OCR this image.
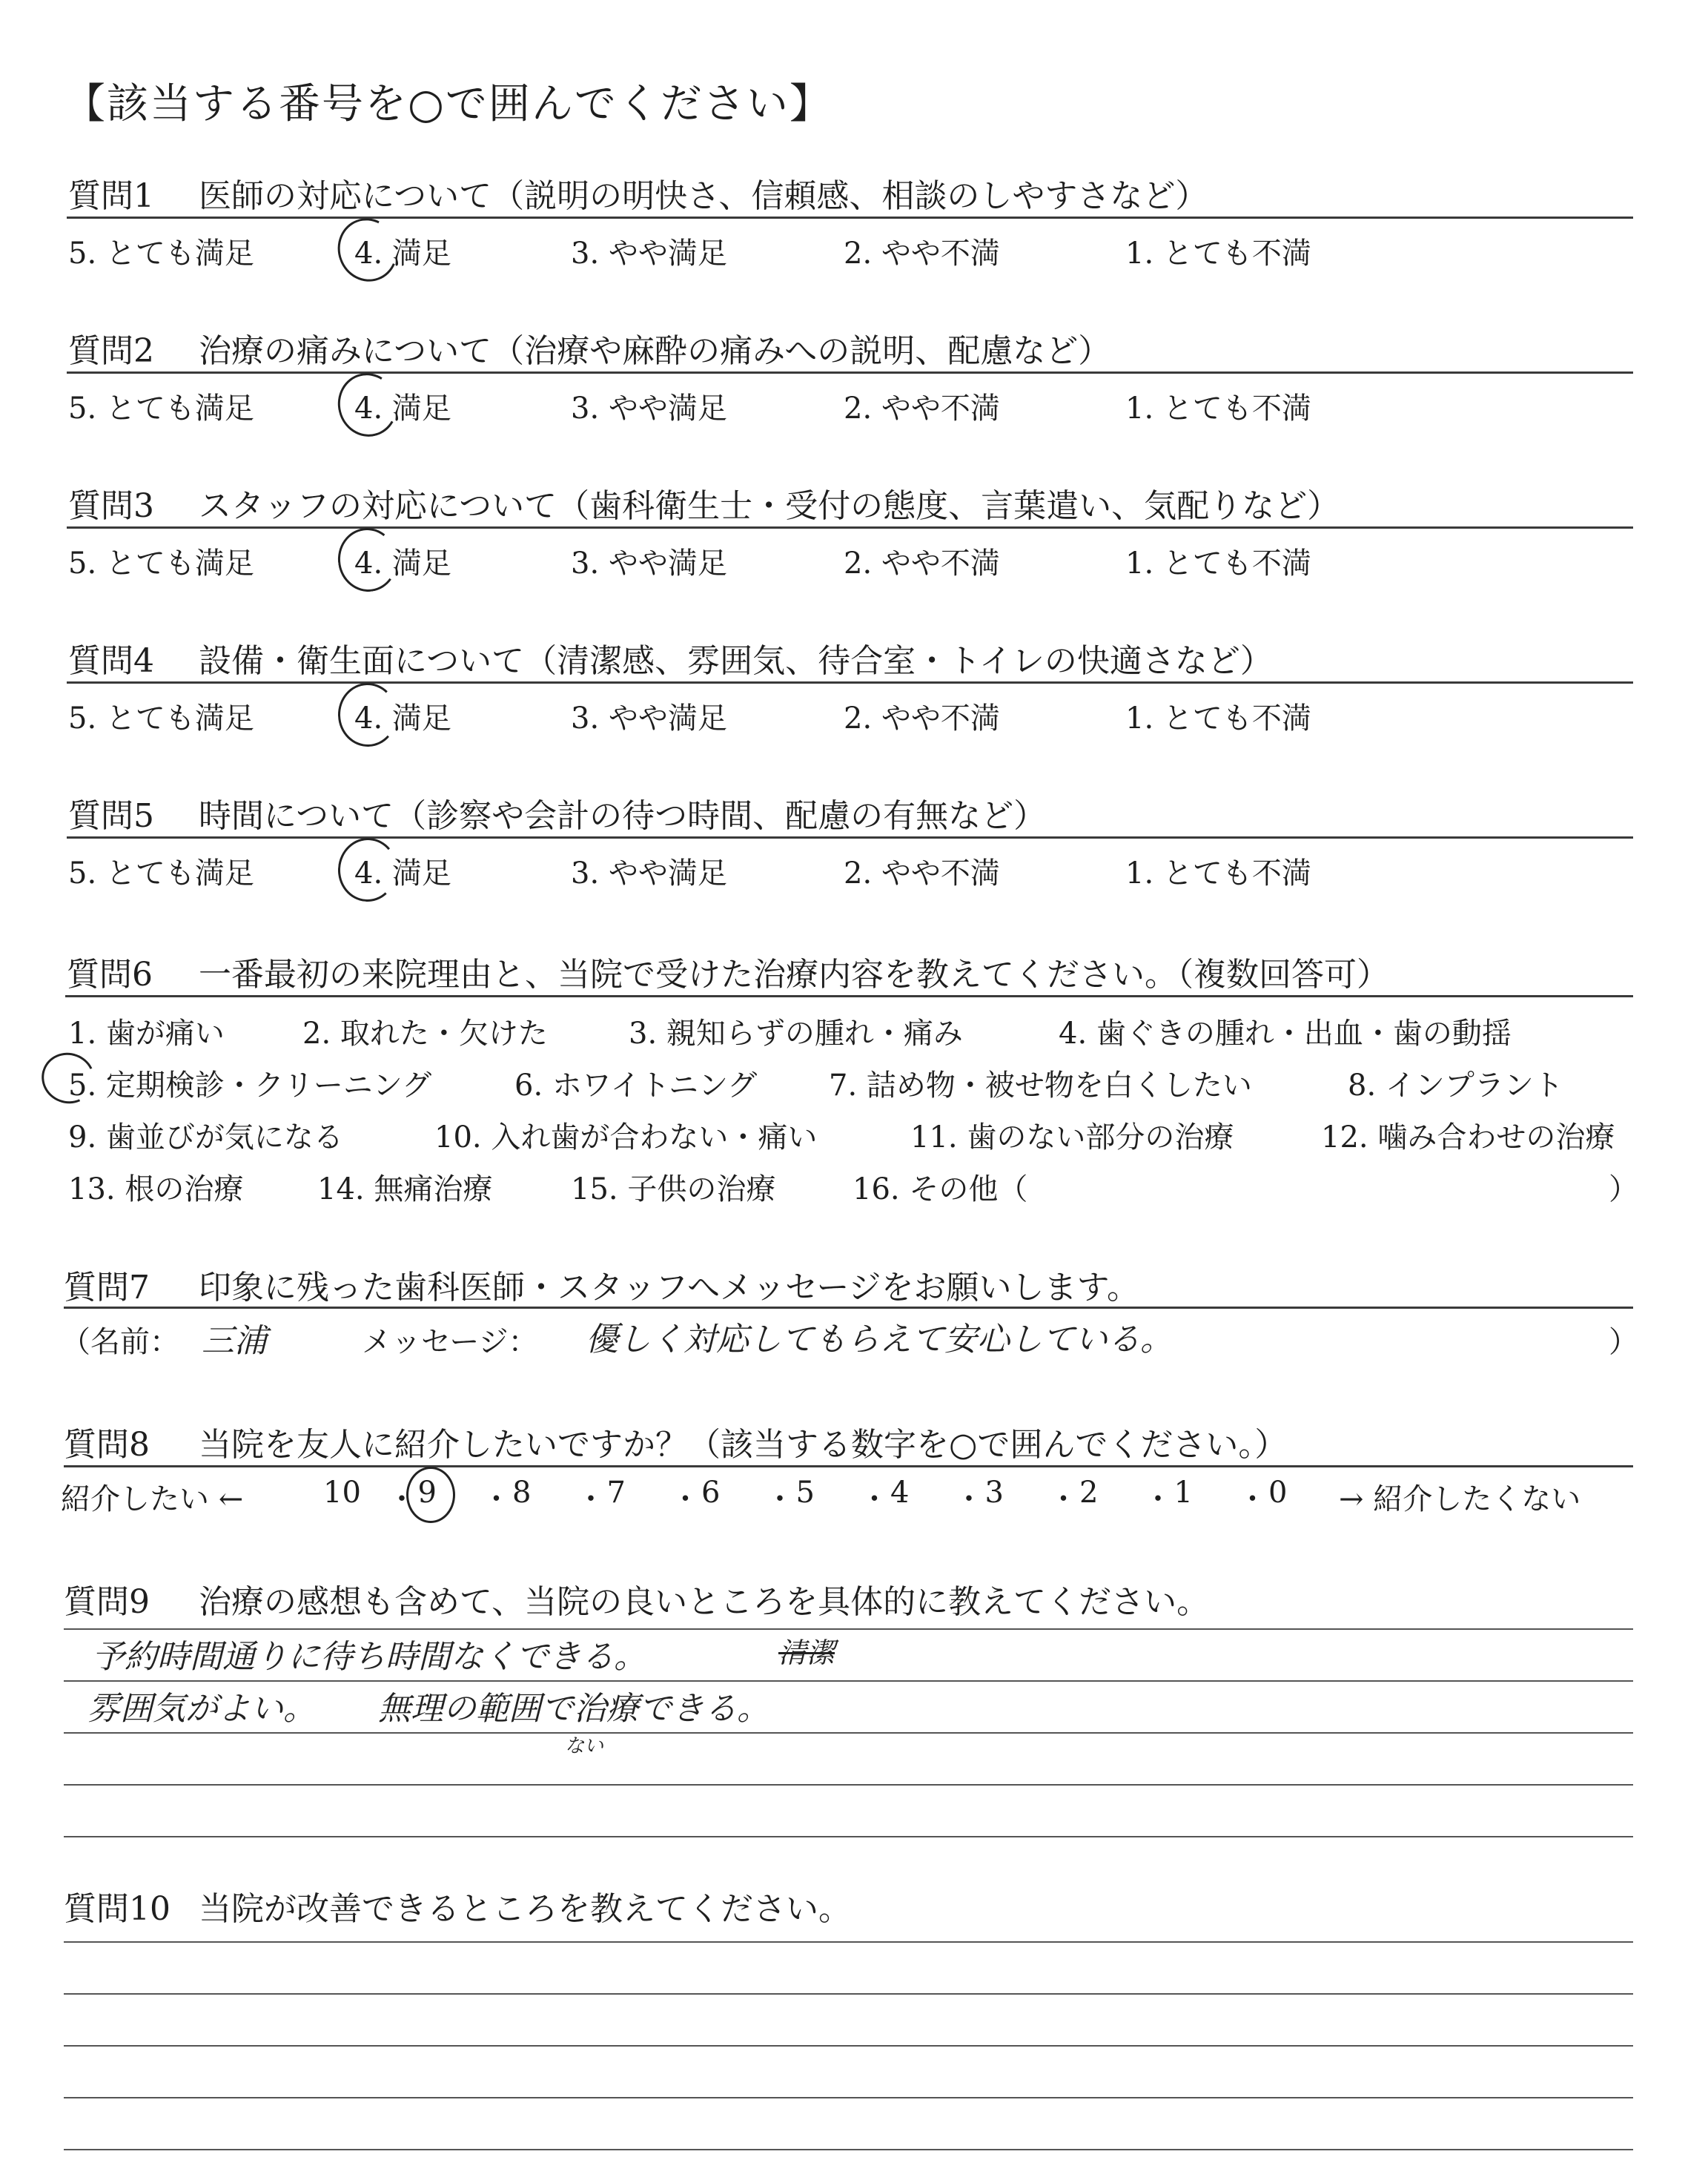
【該当する番号を○で囲んでください】
質問1 医師の対応について（説明の明快さ、信頼感、相談のしやすさなど）
5. とても満足	4. 満足	3. やや満足	2. やや不満	1. とても不満
質問2 治療の痛みについて（治療や麻酔の痛みへの説明、配慮など）
5. とても満足	4. 満足	3. やや満足	2. やや不満	1. とても不満
質問3 スタッフの対応について（歯科衛生士・受付の態度、言葉遣い、気配りなど）
5. とても満足	4. 満足	3. やや満足	2. やや不満	1. とても不満
質問4 設備・衛生面について（清潔感、雰囲気、待合室・トイレの快適さなど）
5. とても満足	4. 満足	3. やや満足	2. やや不満	1. とても不満
質問5 時間について（診察や会計の待つ時間、配慮の有無など）
5. とても満足	4. 満足	3. やや満足	2. やや不満	1. とても不満
質問6 一番最初の来院理由と、当院で受けた治療内容を教えてください。（複数回答可）
1. 歯が痛い	2. 取れた・欠けた	3. 親知らずの腫れ・痛み	4. 歯ぐきの腫れ・出血・歯の動揺
5. 定期検診・クリーニング	6. ホワイトニング 7. 詰め物・被せ物を白くしたい	8. インプラント
9. 歯並びが気になる	10. 入れ歯が合わない・痛い	11. 歯のない部分の治療	12. 噛み合わせの治療
13. 根の治療 14. 無痛治療	15. 子供の治療	16. その他（	）
質問7 印象に残った歯科医師・スタッフへメッセージをお願いします。
（名前： 三浦	メッセージ： 優しく対応してもらえて安心している。	）
質問8 当院を友人に紹介したいですか？（該当する数字を○で囲んでください。）
紹介したい ←	10 ・ 9 ・ 8 ・ 7 ・ 6 ・ 5 ・ 4 ・ 3 ・ 2 ・ 1 ・ 0 → 紹介したくない
質問9 治療の感想も含めて、当院の良いところを具体的に教えてください。
予約時間通りに待ち時間なくできる。	清潔
雰囲気がよい。 無理の範囲で治療できる。
ない
質問10 当院が改善できるところを教えてください。
